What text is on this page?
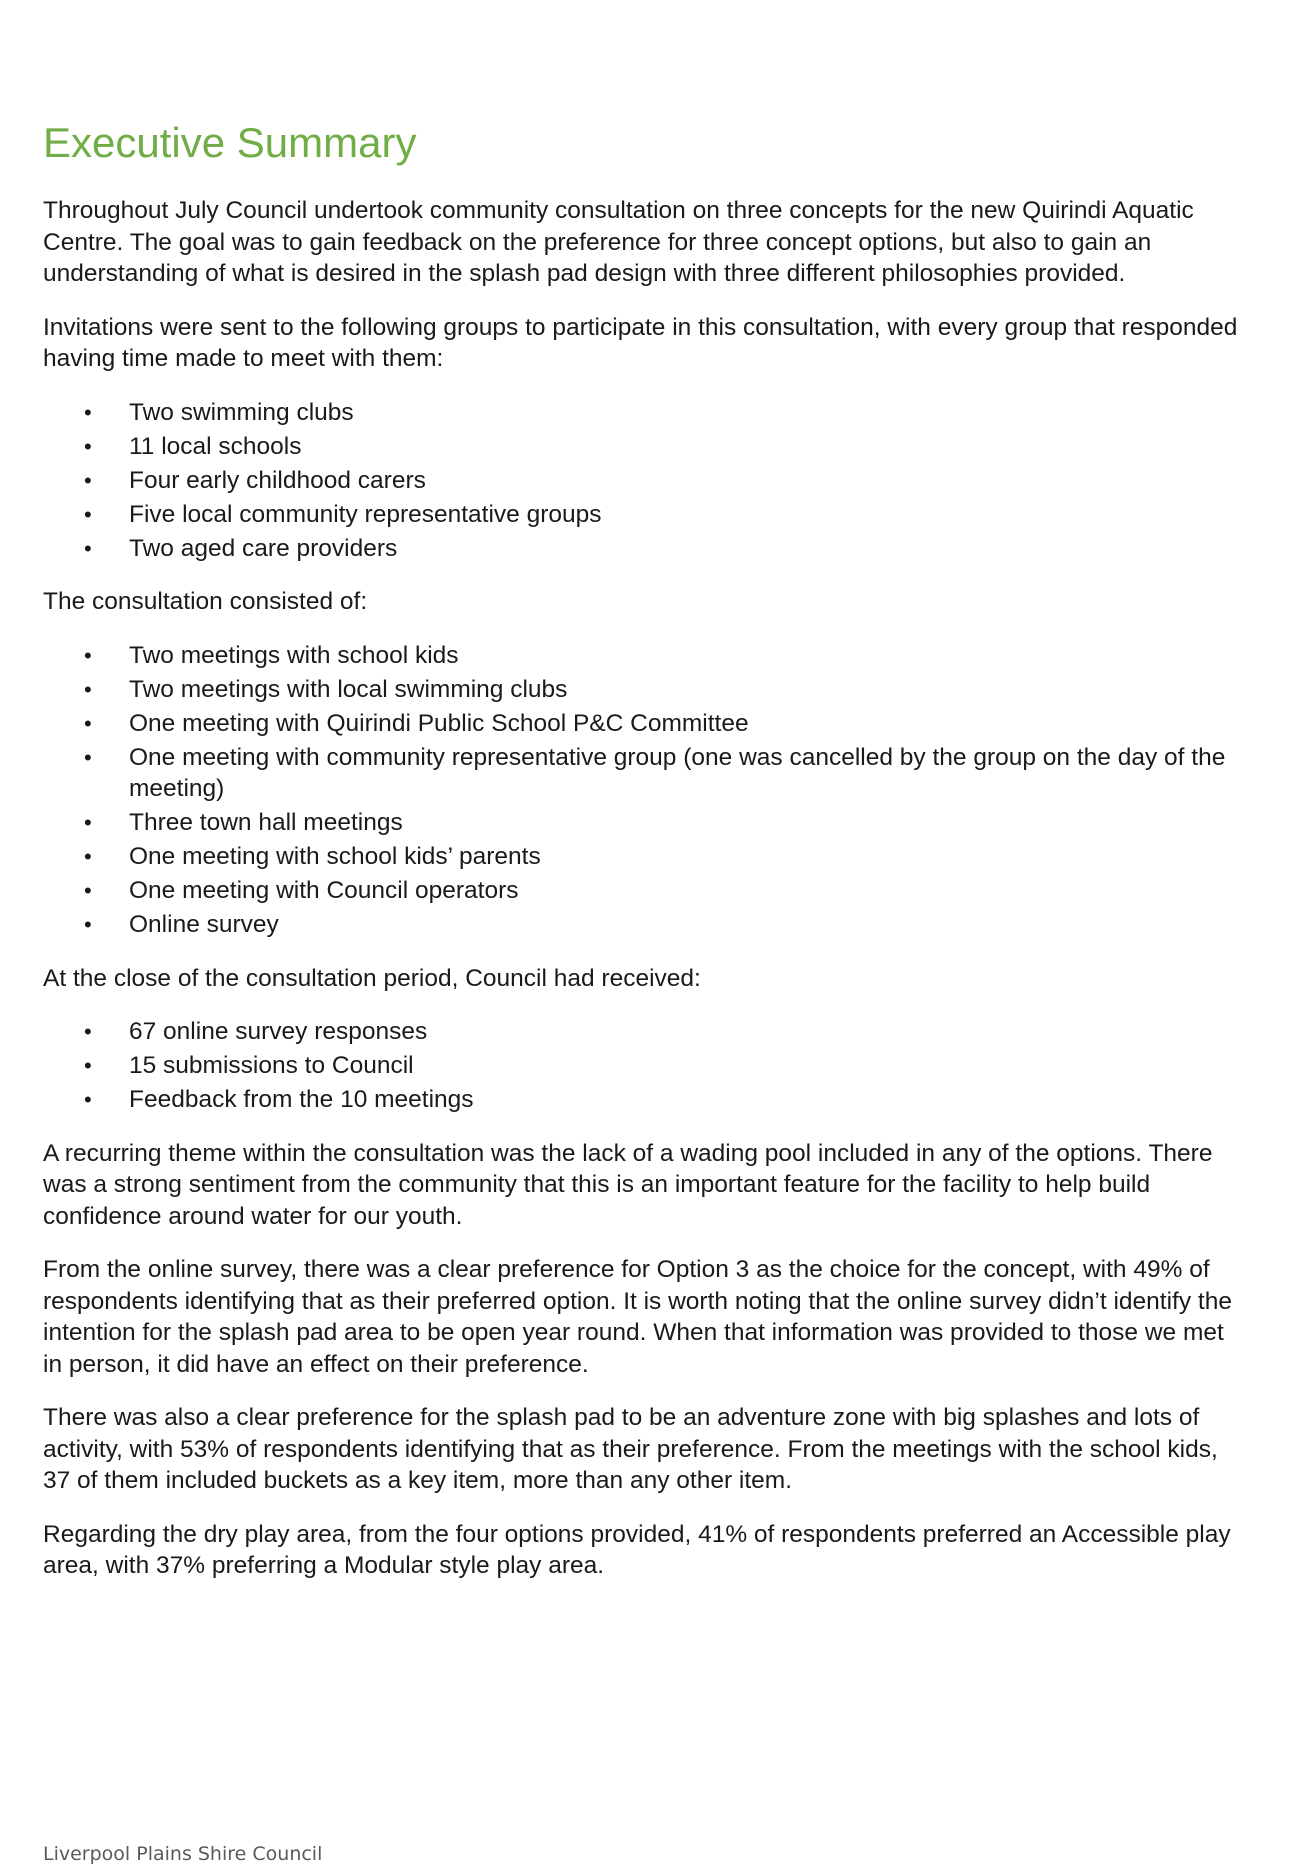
Executive Summary

Throughout July Council undertook community consultation on three concepts for the new Quirindi Aquatic Centre. The goal was to gain feedback on the preference for three concept options, but also to gain an understanding of what is desired in the splash pad design with three different philosophies provided.

Invitations were sent to the following groups to participate in this consultation, with every group that responded having time made to meet with them:

• Two swimming clubs
• 11 local schools
• Four early childhood carers
• Five local community representative groups
• Two aged care providers

The consultation consisted of:

• Two meetings with school kids
• Two meetings with local swimming clubs
• One meeting with Quirindi Public School P&C Committee
• One meeting with community representative group (one was cancelled by the group on the day of the meeting)
• Three town hall meetings
• One meeting with school kids’ parents
• One meeting with Council operators
• Online survey

At the close of the consultation period, Council had received:

• 67 online survey responses
• 15 submissions to Council
• Feedback from the 10 meetings

A recurring theme within the consultation was the lack of a wading pool included in any of the options. There was a strong sentiment from the community that this is an important feature for the facility to help build confidence around water for our youth.

From the online survey, there was a clear preference for Option 3 as the choice for the concept, with 49% of respondents identifying that as their preferred option. It is worth noting that the online survey didn’t identify the intention for the splash pad area to be open year round. When that information was provided to those we met in person, it did have an effect on their preference.

There was also a clear preference for the splash pad to be an adventure zone with big splashes and lots of activity, with 53% of respondents identifying that as their preference. From the meetings with the school kids, 37 of them included buckets as a key item, more than any other item.

Regarding the dry play area, from the four options provided, 41% of respondents preferred an Accessible play area, with 37% preferring a Modular style play area.

Liverpool Plains Shire Council
